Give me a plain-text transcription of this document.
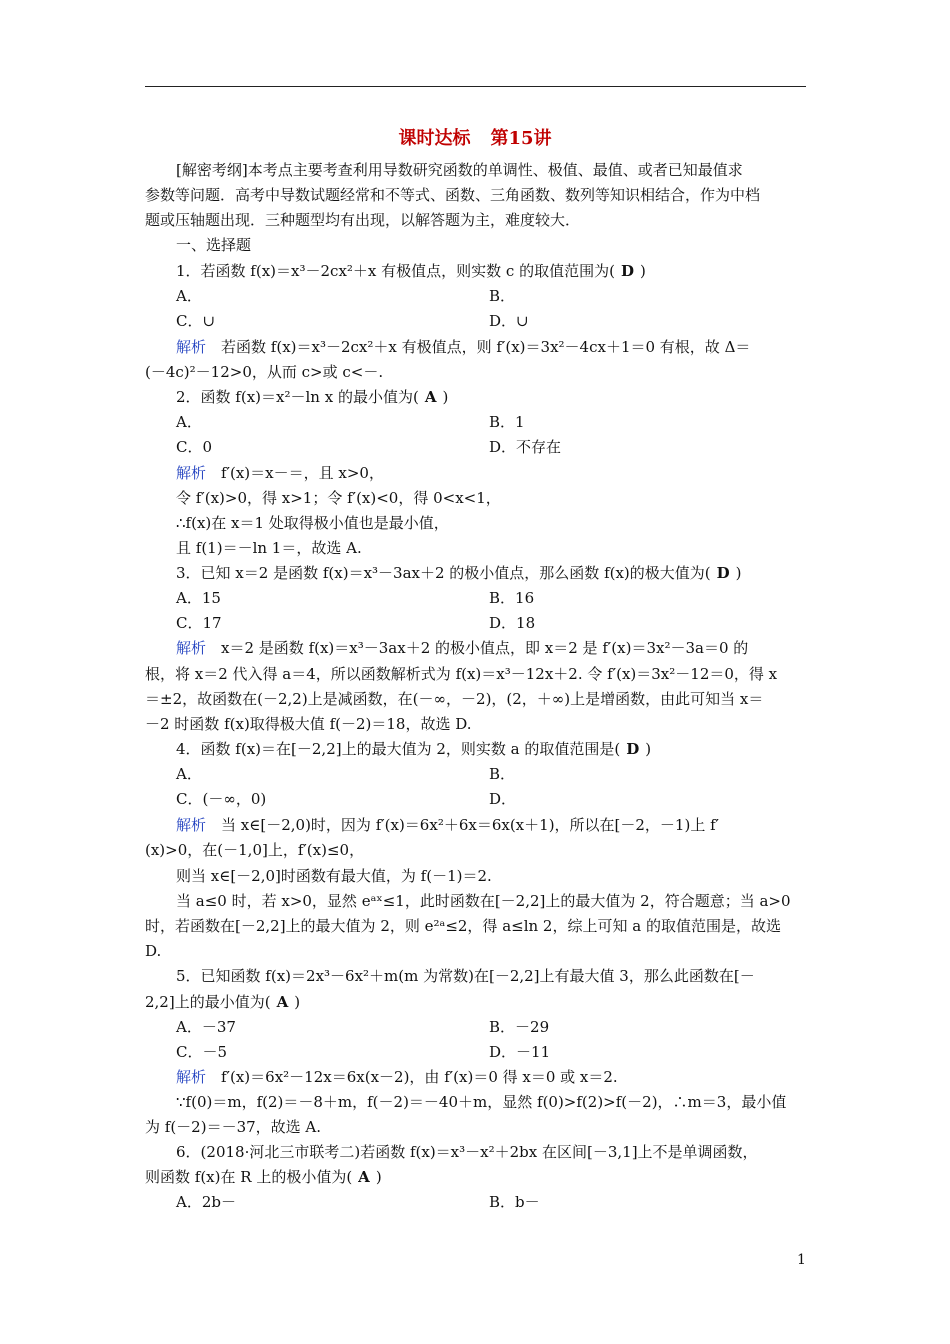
课时达标 第15讲
[解密考纲]本考点主要考查利用导数研究函数的单调性、极值、最值、或者已知最值求
参数等问题．高考中导数试题经常和不等式、函数、三角函数、数列等知识相结合，作为中档
题或压轴题出现．三种题型均有出现，以解答题为主，难度较大．
一、选择题
1．若函数 f(x)＝x³－2cx²＋x 有极值点，则实数 c 的取值范围为( D )
A．	B．
C．∪	D．∪
解析　 若函数 f(x)＝x³－2cx²＋x 有极值点，则 f′(x)＝3x²－4cx＋1＝0 有根，故 Δ＝
(－4c)²－12>0，从而 c>或 c<－.
2．函数 f(x)＝x²－ln x 的最小值为( A )
A．	B．1
C．0	D．不存在
解析　 f′(x)＝x－＝，且 x>0，
令 f′(x)>0，得 x>1；令 f′(x)<0，得 0<x<1，
∴f(x)在 x＝1 处取得极小值也是最小值，
且 f(1)＝－ln 1＝，故选 A.
3．已知 x＝2 是函数 f(x)＝x³－3ax＋2 的极小值点，那么函数 f(x)的极大值为( D )
A．15	B．16
C．17	D．18
解析　 x＝2 是函数 f(x)＝x³－3ax＋2 的极小值点，即 x＝2 是 f′(x)＝3x²－3a＝0 的
根，将 x＝2 代入得 a＝4，所以函数解析式为 f(x)＝x³－12x＋2. 令 f′(x)＝3x²－12＝0，得 x
＝±2，故函数在(－2,2)上是减函数，在(－∞，－2)，(2，＋∞)上是增函数，由此可知当 x＝
－2 时函数 f(x)取得极大值 f(－2)＝18，故选 D.
4．函数 f(x)＝在[－2,2]上的最大值为 2，则实数 a 的取值范围是( D )
A．	B．
C．(－∞，0)	D．
解析　 当 x∈[－2,0)时，因为 f′(x)＝6x²＋6x＝6x(x＋1)，所以在[－2，－1)上 f′
(x)>0，在(－1,0]上，f′(x)≤0，
则当 x∈[－2,0]时函数有最大值，为 f(－1)＝2.
当 a≤0 时，若 x>0，显然 eᵃˣ≤1，此时函数在[－2,2]上的最大值为 2，符合题意；当 a>0
时，若函数在[－2,2]上的最大值为 2，则 e²ᵃ≤2，得 a≤ln 2，综上可知 a 的取值范围是，故选
D.
5．已知函数 f(x)＝2x³－6x²＋m(m 为常数)在[－2,2]上有最大值 3，那么此函数在[－
2,2]上的最小值为( A )
A．－37	B．－29
C．－5	D．－11
解析　 f′(x)＝6x²－12x＝6x(x－2)，由 f′(x)＝0 得 x＝0 或 x＝2.
∵f(0)＝m，f(2)＝－8＋m，f(－2)＝－40＋m，显然 f(0)>f(2)>f(－2)，∴m＝3，最小值
为 f(－2)＝－37，故选 A.
6．(2018·河北三市联考二)若函数 f(x)＝x³－x²＋2bx 在区间[－3,1]上不是单调函数，
则函数 f(x)在 R 上的极小值为( A )
A．2b－	B．b－
1
